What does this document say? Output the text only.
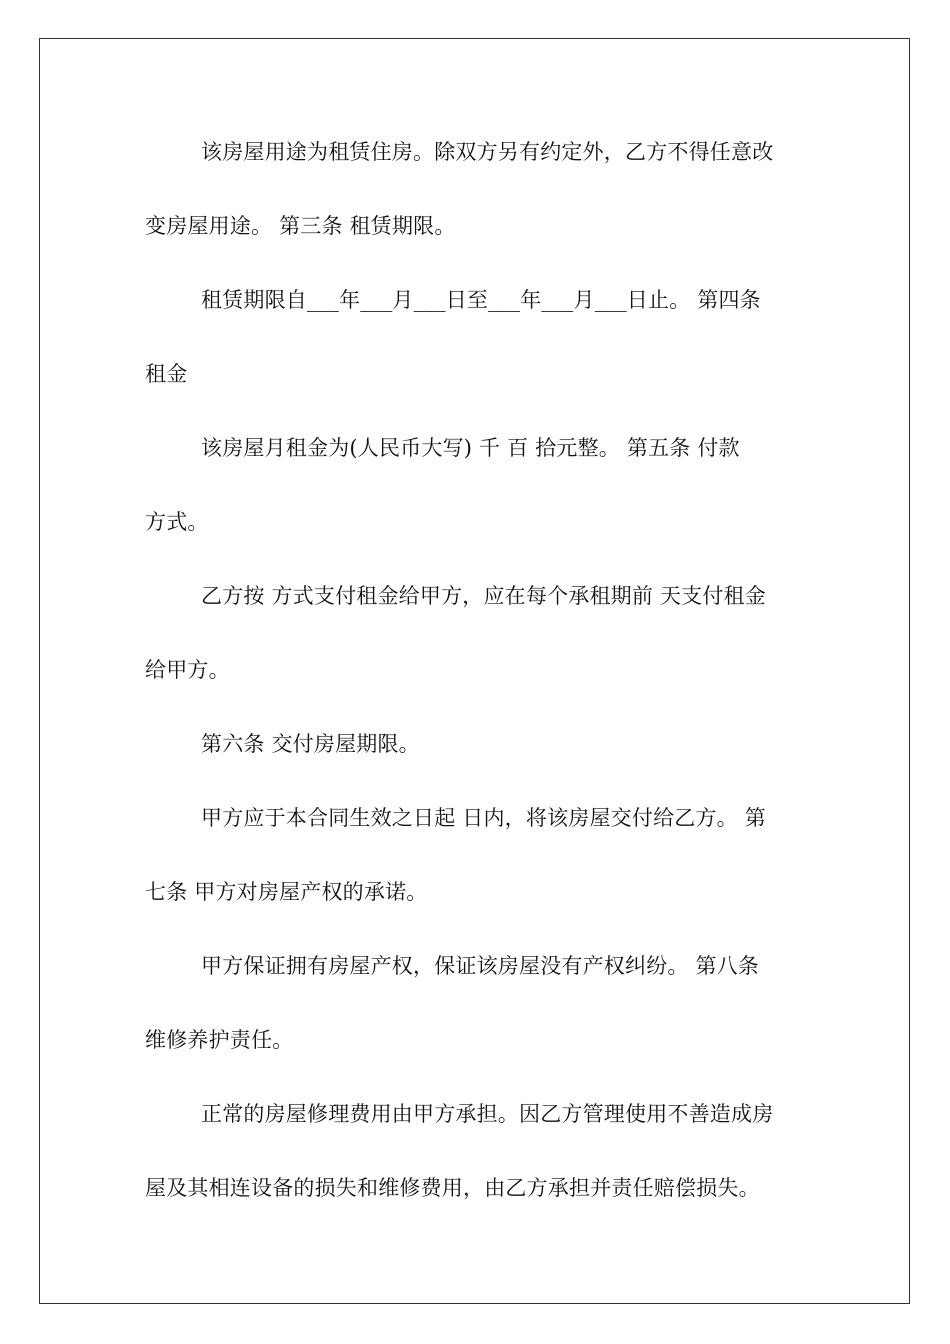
该房屋用途为租赁住房。除双方另有约定外，乙方不得任意改
变房屋用途。 第三条 租赁期限。
租赁期限自___年___月___日至___年___月___日止。 第四条
租金
该房屋月租金为(人民币大写) 千 百 拾元整。 第五条 付款
方式。
乙方按 方式支付租金给甲方，应在每个承租期前 天支付租金
给甲方。
第六条 交付房屋期限。
甲方应于本合同生效之日起 日内，将该房屋交付给乙方。 第
七条 甲方对房屋产权的承诺。
甲方保证拥有房屋产权，保证该房屋没有产权纠纷。 第八条
维修养护责任。
正常的房屋修理费用由甲方承担。因乙方管理使用不善造成房
屋及其相连设备的损失和维修费用，由乙方承担并责任赔偿损失。
